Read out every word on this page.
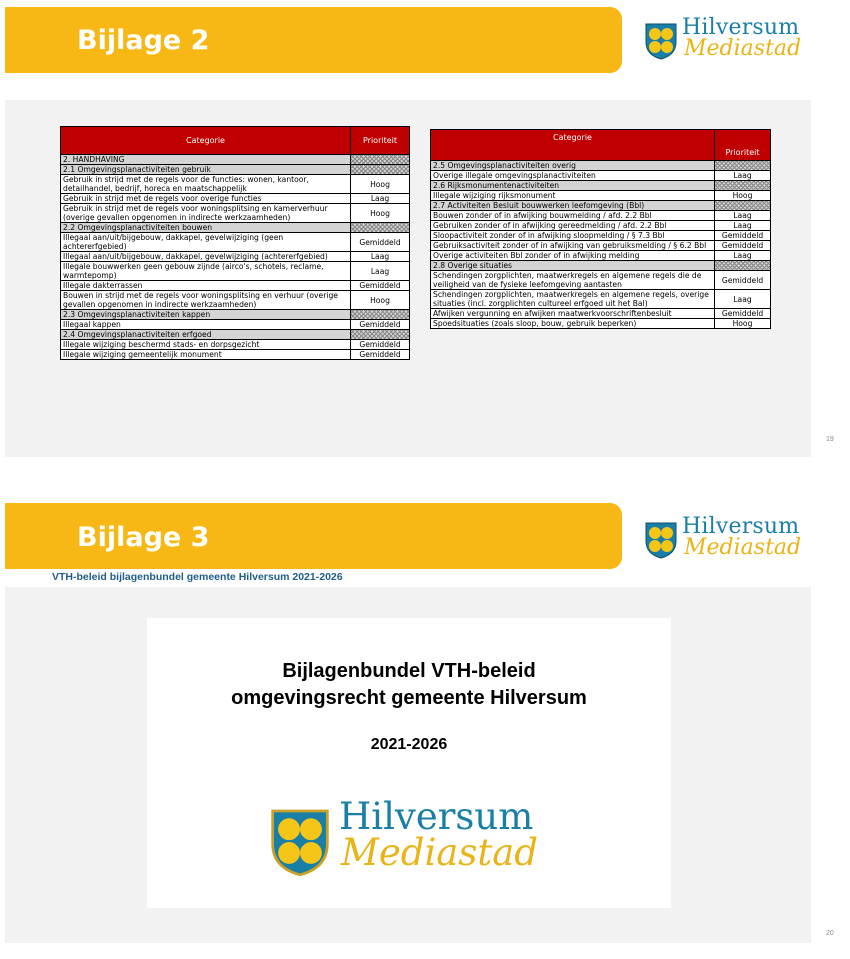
Bijlage 2	Hilversum
Mediastad
Categorie	Prioriteit
2. HANDHAVING	
2.1 Omgevingsplanactiviteiten gebruik	
Gebruik in strijd met de regels voor de functies: wonen, kantoor, detailhandel, bedrijf, horeca en maatschappelijk	Hoog
Gebruik in strijd met de regels voor overige functies	Laag
Gebruik in strijd met de regels voor woningsplitsing en kamerverhuur (overige gevallen opgenomen in indirecte werkzaamheden)	Hoog
2.2 Omgevingsplanactiviteiten bouwen	
Illegaal aan/uit/bijgebouw, dakkapel, gevelwijziging (geen achtererfgebied)	Gemiddeld
Illegaal aan/uit/bijgebouw, dakkapel, gevelwijziging (achtererfgebied)	Laag
Illegale bouwwerken geen gebouw zijnde (airco's, schotels, reclame, warmtepomp)	Laag
Illegale dakterrassen	Gemiddeld
Bouwen in strijd met de regels voor woningsplitsing en verhuur (overige gevallen opgenomen in indirecte werkzaamheden)	Hoog
2.3 Omgevingsplanactiviteiten kappen	
Illegaal kappen	Gemiddeld
2.4 Omgevingsplanactiviteiten erfgoed	
Illegale wijziging beschermd stads- en dorpsgezicht	Gemiddeld
Illegale wijziging gemeentelijk monument	Gemiddeld
Categorie	Prioriteit
2.5 Omgevingsplanactiviteiten overig	
Overige illegale omgevingsplanactiviteiten	Laag
2.6 Rijksmonumentenactiviteiten	
Illegale wijziging rijksmonument	Hoog
2.7 Activiteiten Besluit bouwwerken leefomgeving (Bbl)	
Bouwen zonder of in afwijking bouwmelding / afd. 2.2 Bbl	Laag
Gebruiken zonder of in afwijking gereedmelding / afd. 2.2 Bbl	Laag
Sloopactiviteit zonder of in afwijking sloopmelding / § 7.3 Bbl	Gemiddeld
Gebruiksactiviteit zonder of in afwijking van gebruiksmelding / § 6.2 Bbl	Gemiddeld
Overige activiteiten Bbl zonder of in afwijking melding	Laag
2.8 Overige situaties	
Schendingen zorgplichten, maatwerkregels en algemene regels die de veiligheid van de fysieke leefomgeving aantasten	Gemiddeld
Schendingen zorgplichten, maatwerkregels en algemene regels, overige situaties (incl. zorgplichten cultureel erfgoed uit het Bal)	Laag
Afwijken vergunning en afwijken maatwerkvoorschriftenbesluit	Gemiddeld
Spoedsituaties (zoals sloop, bouw, gebruik beperken)	Hoog
19
Bijlage 3	Hilversum
Mediastad
VTH-beleid bijlagenbundel gemeente Hilversum 2021-2026
Bijlagenbundel VTH-beleid
omgevingsrecht gemeente Hilversum
2021-2026
Hilversum
Mediastad
20
